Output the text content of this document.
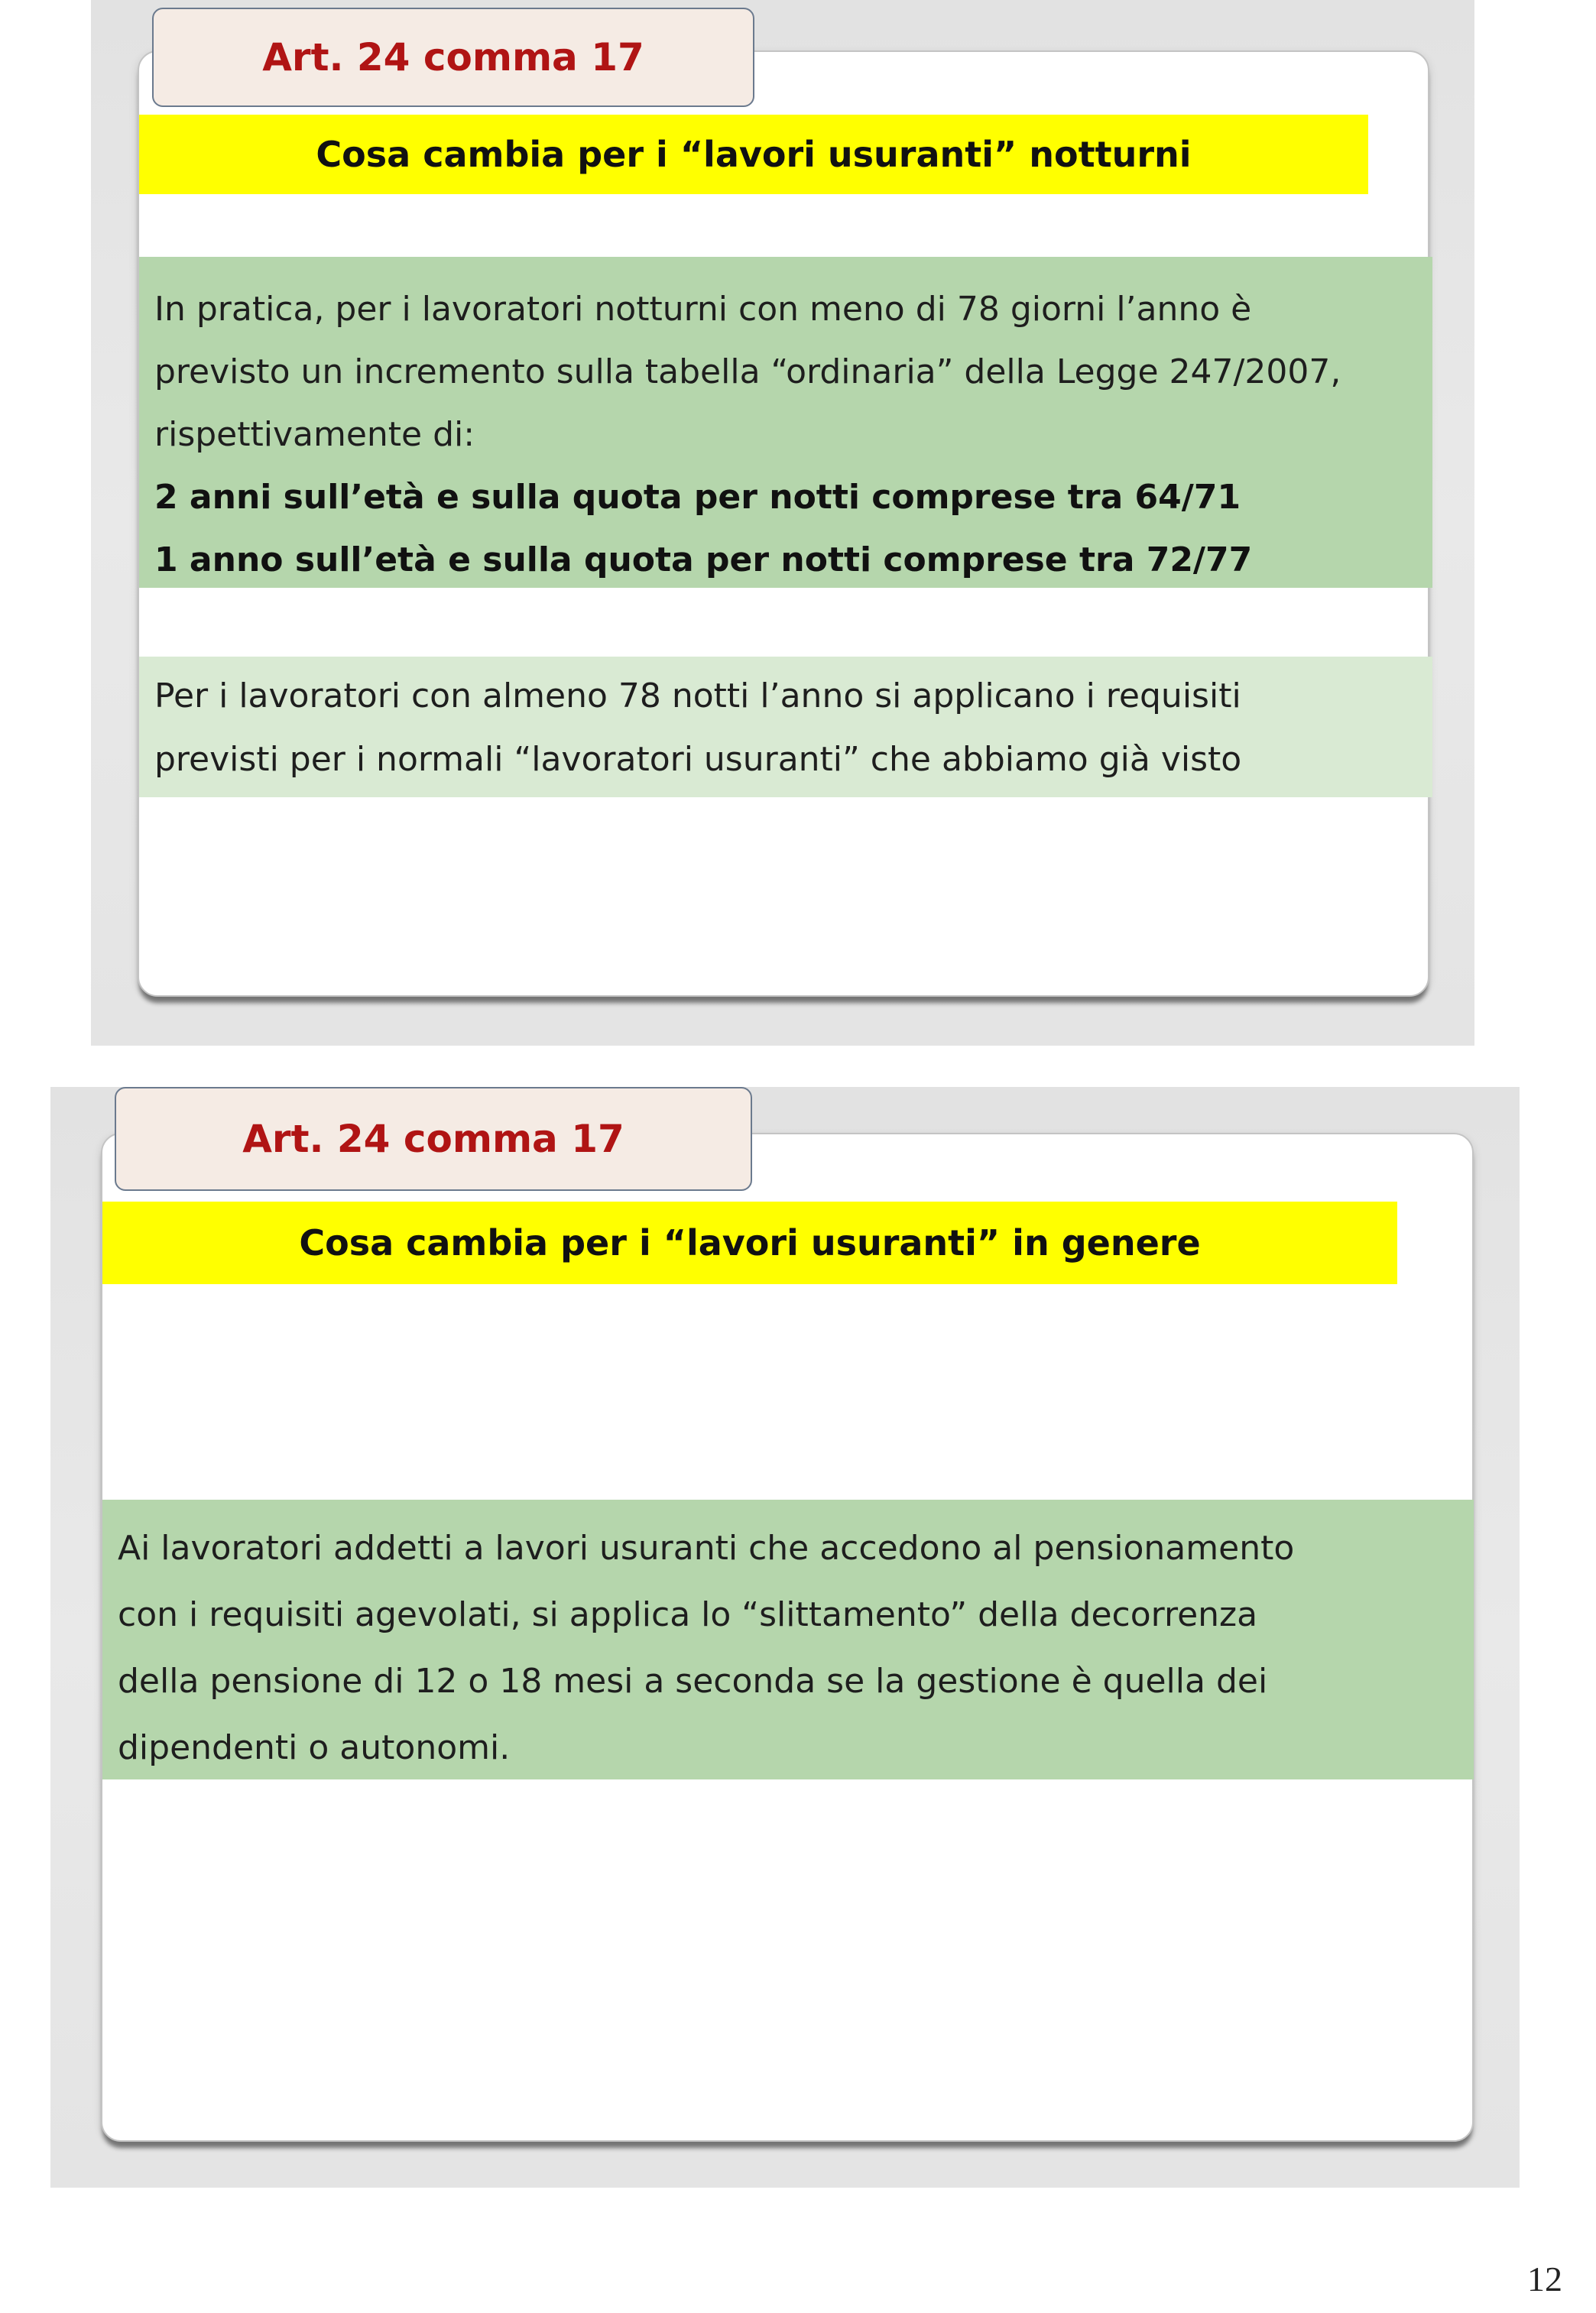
Art. 24 comma 17
Cosa cambia per i “lavori usuranti” notturni
In pratica, per i lavoratori notturni con meno di 78 giorni l’anno è
previsto un incremento sulla tabella “ordinaria” della Legge 247/2007,
rispettivamente di:
2 anni sull’età e sulla quota per notti comprese tra 64/71
1 anno sull’età e sulla quota per notti comprese tra 72/77
Per i lavoratori con almeno 78 notti l’anno si applicano i requisiti
previsti per i normali “lavoratori usuranti” che abbiamo già visto
Art. 24 comma 17
Cosa cambia per i “lavori usuranti” in genere
Ai lavoratori addetti a lavori usuranti che accedono al pensionamento
con i requisiti agevolati, si applica lo “slittamento” della decorrenza
della pensione di 12 o 18 mesi a seconda se la gestione è quella dei
dipendenti o autonomi.
12
